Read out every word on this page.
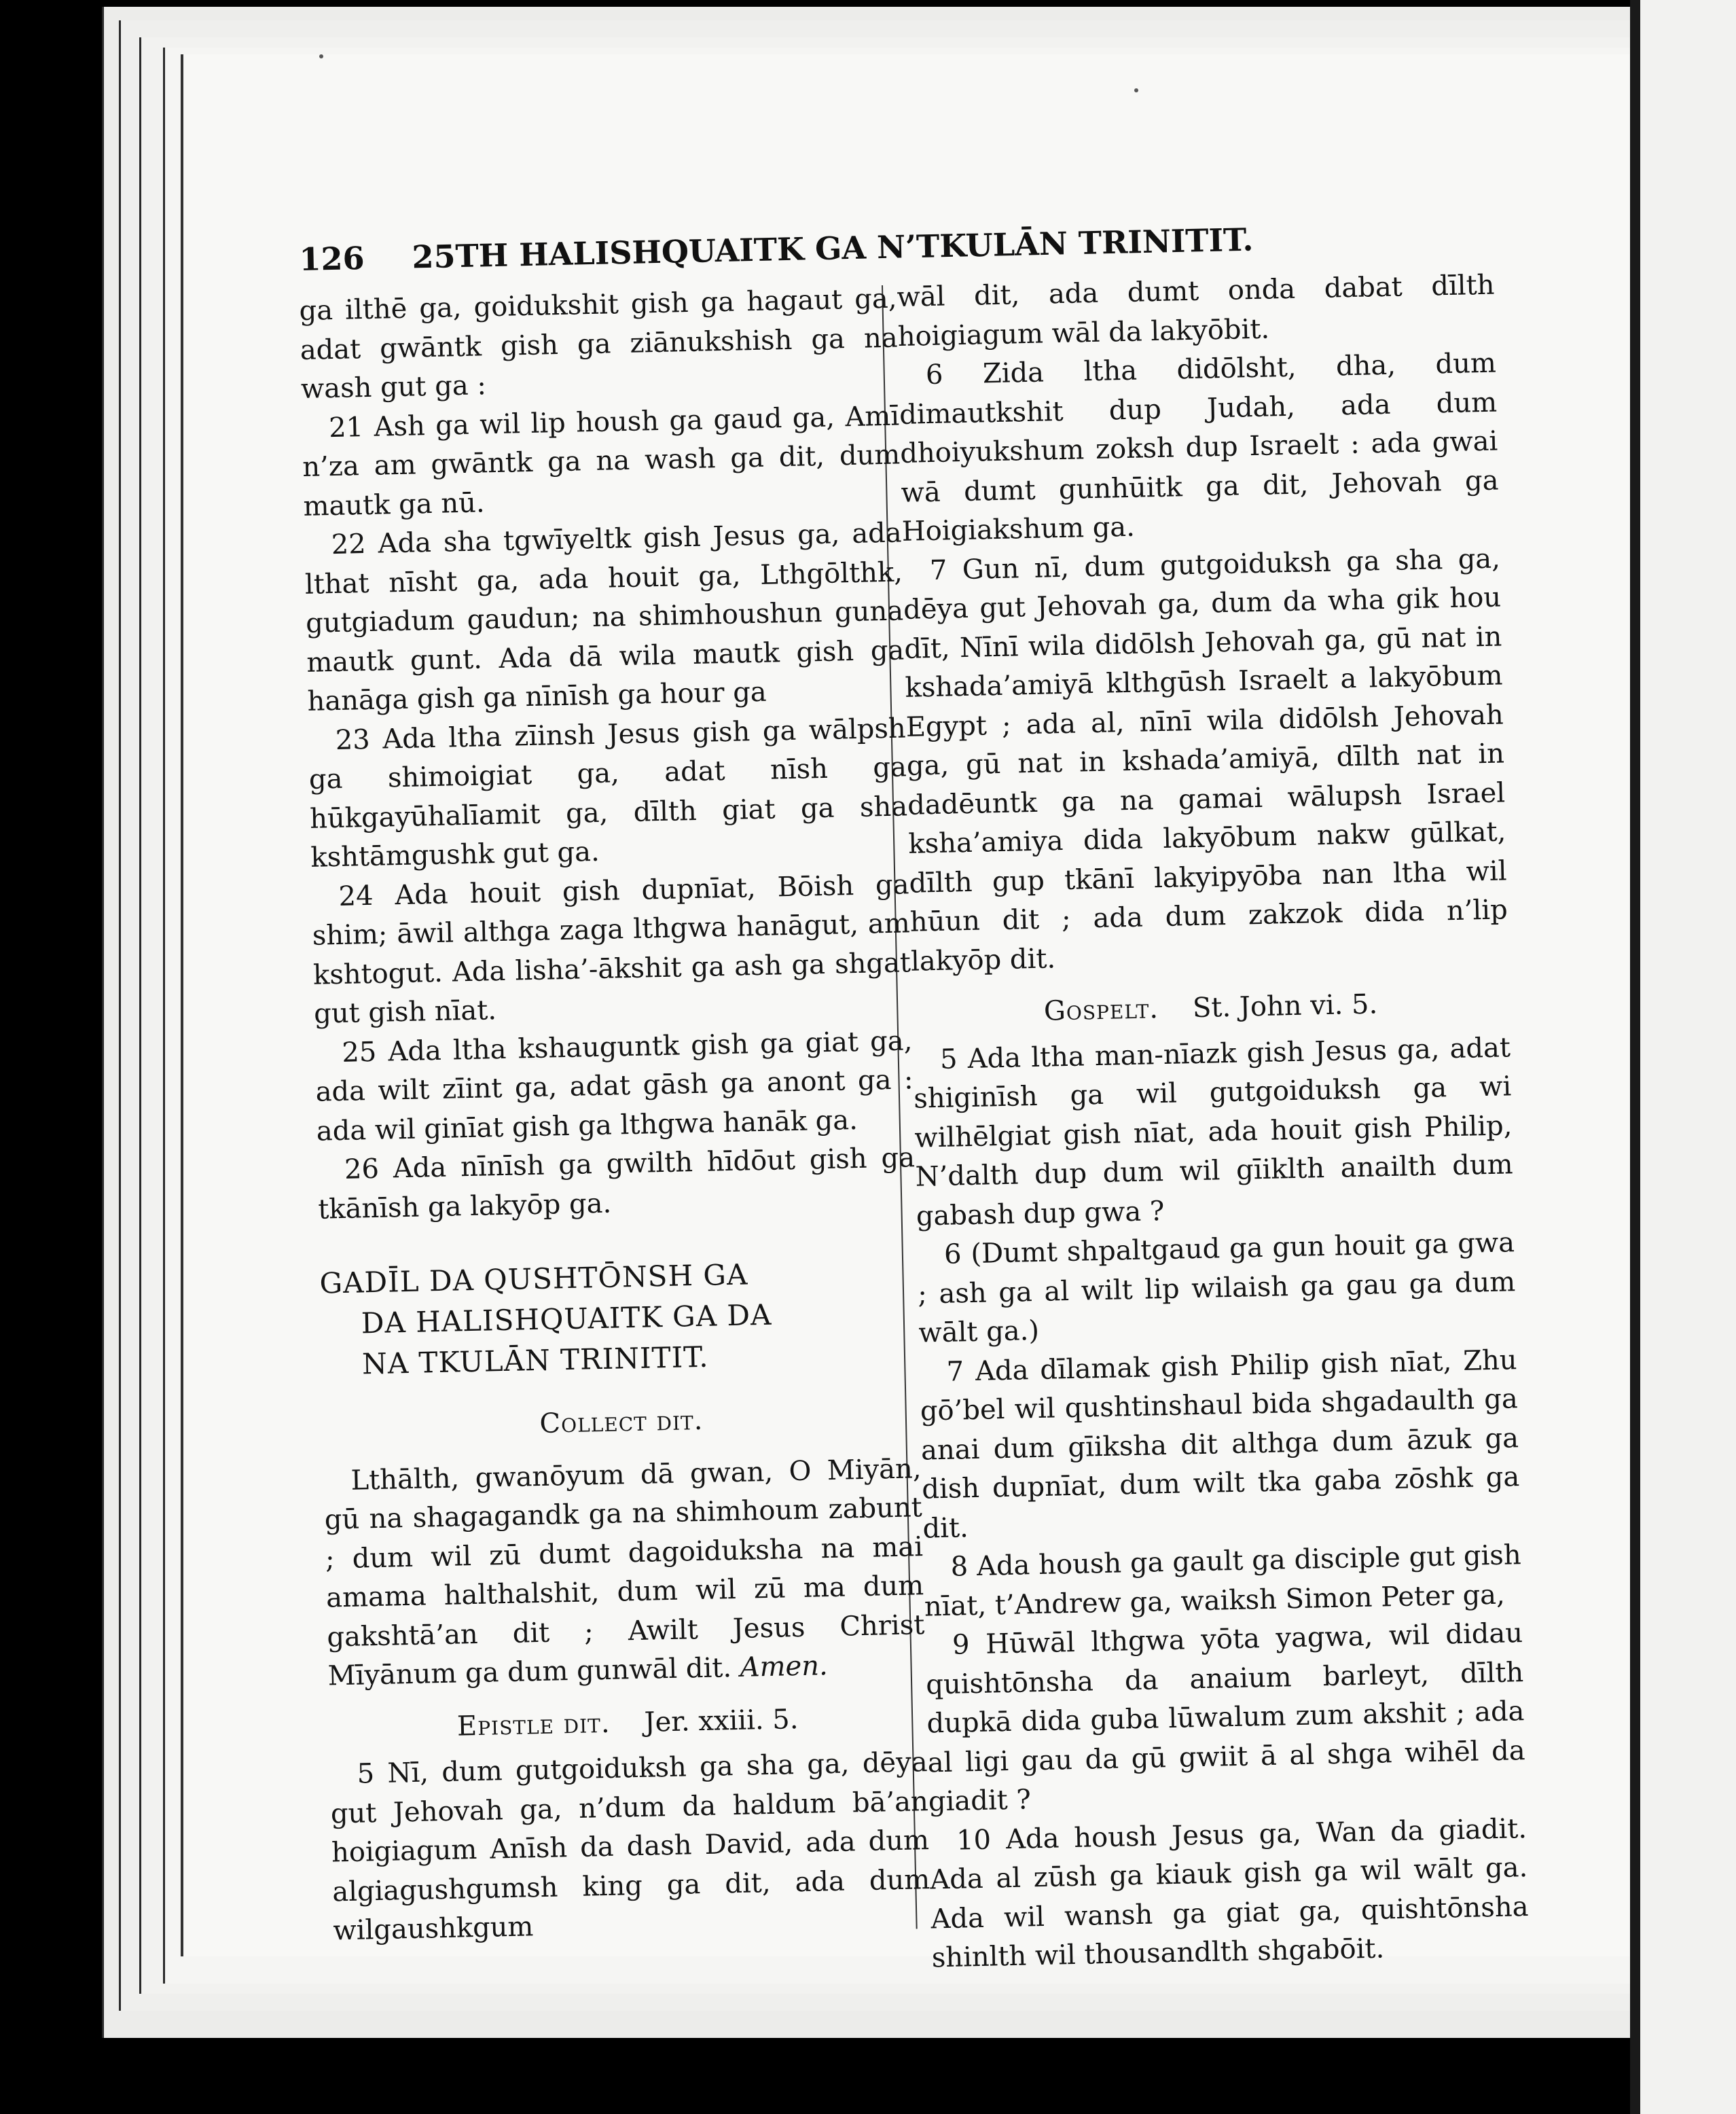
126 25TH HALISHQUAITK GA N’TKULĀN TRINITIT.

ga ilthē ga, goidukshit gish ga hagaut ga, adat gwāntk gish ga ziānukshish ga na wash gut ga :

21 Ash ga wil lip housh ga gaud ga, Amī n’za am gwāntk ga na wash ga dit, dum mautk ga nū.

22 Ada sha tgwīyeltk gish Jesus ga, ada lthat nīsht ga, ada houit ga, Lthgōlthk, gutgiadum gaudun; na shimhoushun guna mautk gunt. Ada dā wila mautk gish ga hanāga gish ga nīnīsh ga hour ga

23 Ada ltha zīinsh Jesus gish ga wālpsh ga shimoigiat ga, adat nīsh ga hūkgayūhalīamit ga, dīlth giat ga sha kshtāmgushk gut ga.

24 Ada houit gish dupnīat, Bōish ga shim; āwil althga zaga lthgwa hanāgut, am kshtogut. Ada lisha’-ākshit ga ash ga shgat gut gish nīat.

25 Ada ltha kshauguntk gish ga giat ga, ada wilt zīint ga, adat gāsh ga anont ga : ada wil ginīat gish ga lthgwa hanāk ga.

26 Ada nīnīsh ga gwilth hīdōut gish ga tkānīsh ga lakyōp ga.

GADĪL DA QUSHTŌNSH GA
DA HALISHQUAITK GA DA
NA TKULĀN TRINITIT.
Collect dit.

Lthālth, gwanōyum dā gwan, O Miyān, gū na shagagandk ga na shimhoum zabunt ; dum wil zū dumt dagoiduksha na mai amama halthalshit, dum wil zū ma dum gakshtā’an dit ; Awilt Jesus Christ Mīyānum ga dum gunwāl dit. Amen.

Epistle dit. Jer. xxiii. 5.

5 Nī, dum gutgoiduksh ga sha ga, dēya gut Jehovah ga, n’dum da haldum bā’an hoigiagum Anīsh da dash David, ada dum algiagushgumsh king ga dit, ada dum wilgaushkgum

wāl dit, ada dumt onda dabat dīlth hoigiagum wāl da lakyōbit.

6 Zida ltha didōlsht, dha, dum dimautkshit dup Judah, ada dum dhoiyukshum zoksh dup Israelt : ada gwai wā dumt gunhūitk ga dit, Jehovah ga Hoigiakshum ga.

7 Gun nī, dum gutgoiduksh ga sha ga, dēya gut Jehovah ga, dum da wha gik hou dīt, Nīnī wila didōlsh Jehovah ga, gū nat in kshada’amiyā klthgūsh Israelt a lakyōbum Egypt ; ada al, nīnī wila didōlsh Jehovah ga, gū nat in kshada’amiyā, dīlth nat in dadēuntk ga na gamai wālupsh Israel ksha’amiya dida lakyōbum nakw gūlkat, dīlth gup tkānī lakyipyōba nan ltha wil hūun dit ; ada dum zakzok dida n’lip lakyōp dit.

Gospelt. St. John vi. 5.

5 Ada ltha man-nīazk gish Jesus ga, adat shiginīsh ga wil gutgoiduksh ga wi wilhēlgiat gish nīat, ada houit gish Philip, N’dalth dup dum wil gīiklth anailth dum gabash dup gwa ?

6 (Dumt shpaltgaud ga gun houit ga gwa ; ash ga al wilt lip wilaish ga gau ga dum wālt ga.)

7 Ada dīlamak gish Philip gish nīat, Zhu gō’bel wil qushtinshaul bida shgadaulth ga anai dum gīiksha dit althga dum āzuk ga dish dupnīat, dum wilt tka gaba zōshk ga dit.

8 Ada housh ga gault ga disciple gut gish nīat, t’Andrew ga, waiksh Simon Peter ga,

9 Hūwāl lthgwa yōta yagwa, wil didau quishtōnsha da anaium barleyt, dīlth dupkā dida guba lūwalum zum akshit ; ada al ligi gau da gū gwiit ā al shga wihēl da giadit ?

10 Ada housh Jesus ga, Wan da giadit. Ada al zūsh ga kiauk gish ga wil wālt ga. Ada wil wansh ga giat ga, quishtōnsha shinlth wil thousandlth shgabōit.
